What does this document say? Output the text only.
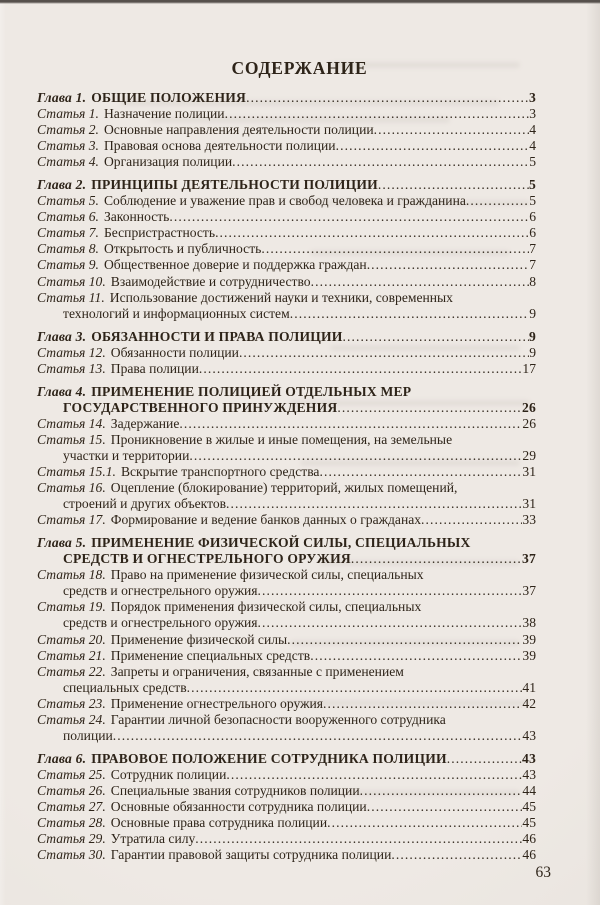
СОДЕРЖАНИЕ
Глава 1. ОБЩИЕ ПОЛОЖЕНИЯ .....	3
Статья 1. Назначение полиции .....	3
Статья 2. Основные направления деятельности полиции .....	4
Статья 3. Правовая основа деятельности полиции .....	4
Статья 4. Организация полиции .....	5
Глава 2. ПРИНЦИПЫ ДЕЯТЕЛЬНОСТИ ПОЛИЦИИ .....	5
Статья 5. Соблюдение и уважение прав и свобод человека и гражданина .....	5
Статья 6. Законность .....	6
Статья 7. Беспристрастность .....	6
Статья 8. Открытость и публичность .....	7
Статья 9. Общественное доверие и поддержка граждан .....	7
Статья 10. Взаимодействие и сотрудничество .....	8
Статья 11. Использование достижений науки и техники, современных
технологий и информационных систем .....	9
Глава 3. ОБЯЗАННОСТИ И ПРАВА ПОЛИЦИИ .....	9
Статья 12. Обязанности полиции .....	9
Статья 13. Права полиции .....	17
Глава 4. ПРИМЕНЕНИЕ ПОЛИЦИЕЙ ОТДЕЛЬНЫХ МЕР
ГОСУДАРСТВЕННОГО ПРИНУЖДЕНИЯ .....	26
Статья 14. Задержание .....	26
Статья 15. Проникновение в жилые и иные помещения, на земельные
участки и территории .....	29
Статья 15.1. Вскрытие транспортного средства .....	31
Статья 16. Оцепление (блокирование) территорий, жилых помещений,
строений и других объектов .....	31
Статья 17. Формирование и ведение банков данных о гражданах .....	33
Глава 5. ПРИМЕНЕНИЕ ФИЗИЧЕСКОЙ СИЛЫ, СПЕЦИАЛЬНЫХ
СРЕДСТВ И ОГНЕСТРЕЛЬНОГО ОРУЖИЯ .....	37
Статья 18. Право на применение физической силы, специальных
средств и огнестрельного оружия .....	37
Статья 19. Порядок применения физической силы, специальных
средств и огнестрельного оружия .....	38
Статья 20. Применение физической силы .....	39
Статья 21. Применение специальных средств .....	39
Статья 22. Запреты и ограничения, связанные с применением
специальных средств .....	41
Статья 23. Применение огнестрельного оружия .....	42
Статья 24. Гарантии личной безопасности вооруженного сотрудника
полиции .....	43
Глава 6. ПРАВОВОЕ ПОЛОЖЕНИЕ СОТРУДНИКА ПОЛИЦИИ .....	43
Статья 25. Сотрудник полиции .....	43
Статья 26. Специальные звания сотрудников полиции .....	44
Статья 27. Основные обязанности сотрудника полиции .....	45
Статья 28. Основные права сотрудника полиции .....	45
Статья 29. Утратила силу .....	46
Статья 30. Гарантии правовой защиты сотрудника полиции .....	46
63
